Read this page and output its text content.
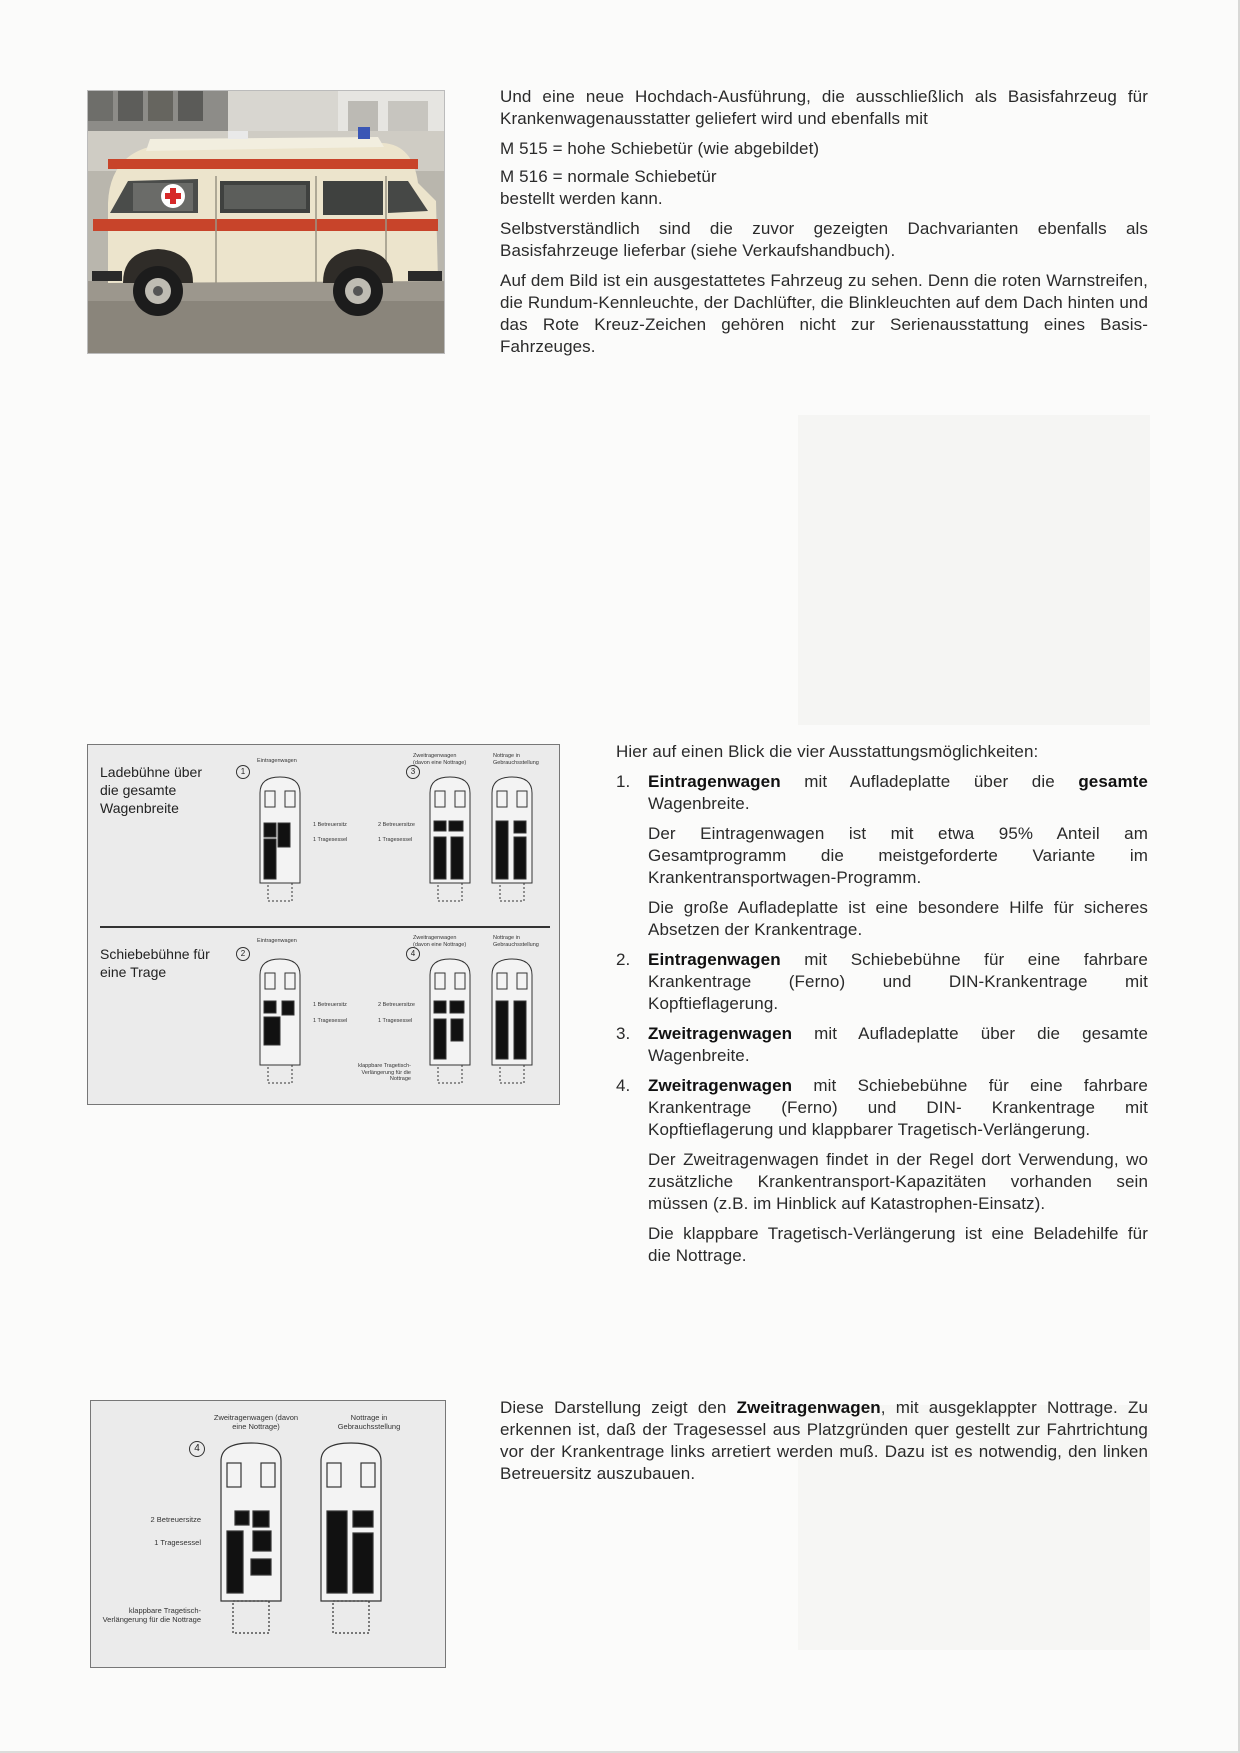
Und eine neue Hochdach-Ausführung, die ausschließlich als Basisfahrzeug für Krankenwagenausstatter geliefert wird und ebenfalls mit

M 515 = hohe Schiebetür (wie abgebildet)

M 516 = normale Schiebetür

bestellt werden kann.

Selbstverständlich sind die zuvor gezeigten Dachvarianten ebenfalls als Basisfahrzeuge lieferbar (siehe Verkaufshandbuch).

Auf dem Bild ist ein ausgestattetes Fahrzeug zu sehen. Denn die roten Warnstreifen, die Rundum-Kennleuchte, der Dachlüfter, die Blinkleuchten auf dem Dach hinten und das Rote Kreuz-Zeichen gehören nicht zur Serienausstattung eines Basis-Fahrzeuges.

Ladebühne über die gesamte Wagenbreite
Schiebebühne für eine Trage
1	3
2	4
Eintragenwagen
Eintragenwagen
Zweitragenwagen (davon eine Nottrage)
Nottrage in Gebrauchsstellung
Zweitragenwagen (davon eine Nottrage)
Nottrage in Gebrauchsstellung
1 Betreuersitz
1 Tragesessel
2 Betreuersitze
1 Tragesessel
1 Betreuersitz
1 Tragesessel
2 Betreuersitze
1 Tragesessel
klappbare Tragetisch-Verlängerung für die Nottrage

Hier auf einen Blick die vier Ausstattungsmöglichkeiten:

1. Eintragenwagen mit Aufladeplatte über die gesamte Wagenbreite.

Der Eintragenwagen ist mit etwa 95% Anteil am Gesamtprogramm die meistgeforderte Variante im Krankentransportwagen-Programm.

Die große Aufladeplatte ist eine besondere Hilfe für sicheres Absetzen der Krankentrage.

2. Eintragenwagen mit Schiebebühne für eine fahrbare Krankentrage (Ferno) und DIN-Krankentrage mit Kopftieflagerung.

3. Zweitragenwagen mit Aufladeplatte über die gesamte Wagenbreite.

4. Zweitragenwagen mit Schiebebühne für eine fahrbare Krankentrage (Ferno) und DIN- Krankentrage mit Kopftieflagerung und klappbarer Tragetisch-Verlängerung.

Der Zweitragenwagen findet in der Regel dort Verwendung, wo zusätzliche Krankentransport-Kapazitäten vorhanden sein müssen (z.B. im Hinblick auf Katastrophen-Einsatz).

Die klappbare Tragetisch-Verlängerung ist eine Beladehilfe für die Nottrage.

4
Zweitragenwagen (davon eine Nottrage)
Nottrage in Gebrauchsstellung
2 Betreuersitze
1 Tragesessel
klappbare Tragetisch-Verlängerung für die Nottrage

Diese Darstellung zeigt den Zweitragenwagen, mit ausgeklappter Nottrage. Zu erkennen ist, daß der Tragesessel aus Platzgründen quer gestellt zur Fahrtrichtung vor der Krankentrage links arretiert werden muß. Dazu ist es notwendig, den linken Betreuersitz auszubauen.
